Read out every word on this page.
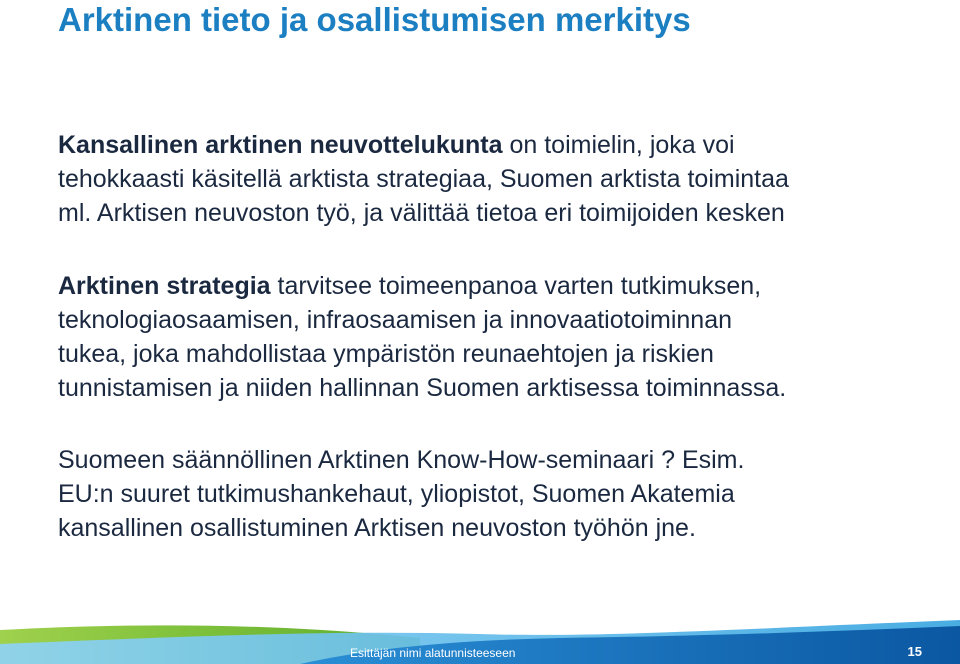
Arktinen tieto ja osallistumisen merkitys
Kansallinen arktinen neuvottelukunta on toimielin, joka voi
tehokkaasti käsitellä arktista strategiaa, Suomen arktista toimintaa
ml. Arktisen neuvoston työ, ja välittää tietoa eri toimijoiden kesken
Arktinen strategia tarvitsee toimeenpanoa varten tutkimuksen,
teknologiaosaamisen, infraosaamisen ja innovaatiotoiminnan
tukea, joka mahdollistaa ympäristön reunaehtojen ja riskien
tunnistamisen ja niiden hallinnan Suomen arktisessa toiminnassa.
Suomeen säännöllinen Arktinen Know-How-seminaari ? Esim.
EU:n suuret tutkimushankehaut, yliopistot, Suomen Akatemia
kansallinen osallistuminen Arktisen neuvoston työhön jne.
Esittäjän nimi alatunnisteeseen	15
